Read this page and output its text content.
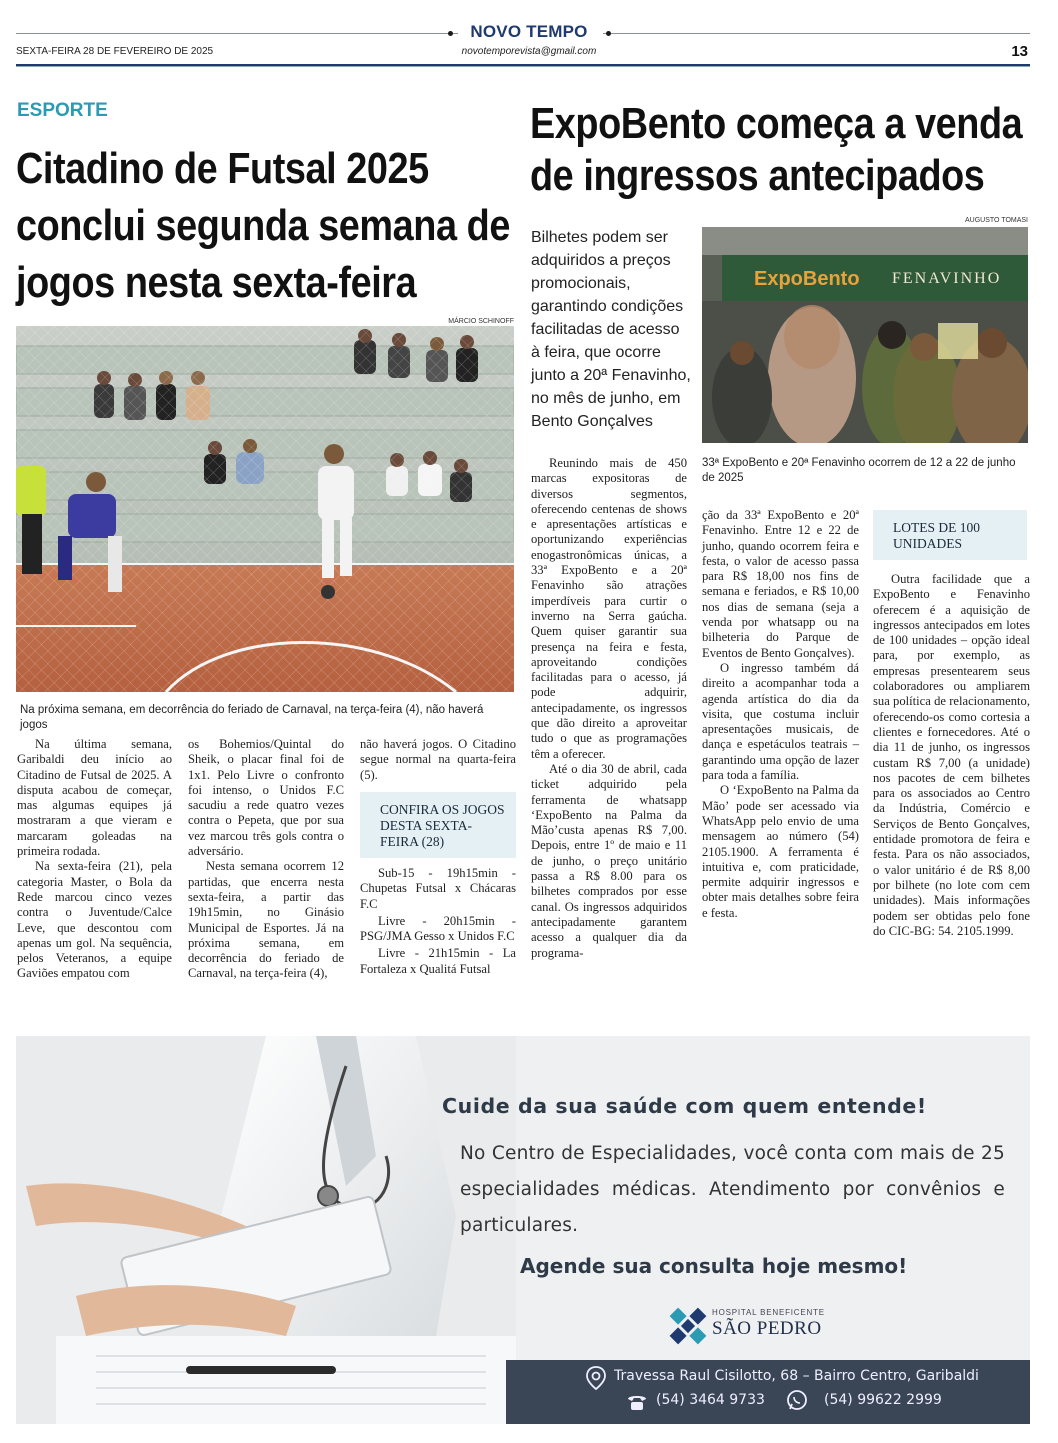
NOVO TEMPO
SEXTA-FEIRA 28 DE FEVEREIRO DE 2025	novotemporevista@gmail.com	13
ESPORTE
Citadino de Futsal 2025 conclui segunda semana de jogos nesta sexta-feira
MÁRCIO SCHINOFF
Na próxima semana, em decorrência do feriado de Carnaval, na terça-feira (4), não haverá jogos

Na última semana, Garibaldi deu início ao Citadino de Futsal de 2025. A disputa acabou de começar, mas algumas equipes já mostraram a que vieram e marcaram goleadas na primeira rodada.

Na sexta-feira (21), pela categoria Master, o Bola da Rede marcou cinco vezes contra o Juventude/Calce Leve, que descontou com apenas um gol. Na sequência, pelos Veteranos, a equipe Gaviões empatou com

os Bohemios/Quintal do Sheik, o placar final foi de 1x1. Pelo Livre o confronto foi intenso, o Unidos F.C sacudiu a rede quatro vezes contra o Pepeta, que por sua vez marcou três gols contra o adversário.

Nesta semana ocorrem 12 partidas, que encerra nesta sexta-feira, a partir das 19h15min, no Ginásio Municipal de Esportes. Já na próxima semana, em decorrência do feriado de Carnaval, na terça-feira (4),

não haverá jogos. O Citadino segue normal na quarta-feira (5).

CONFIRA OS JOGOS DESTA SEXTA-FEIRA (28)

Sub-15 - 19h15min - Chupetas Futsal x Chácaras F.C

Livre - 20h15min - PSG/JMA Gesso x Unidos F.C

Livre - 21h15min - La Fortaleza x Qualitá Futsal

ExpoBento começa a venda de ingressos antecipados
Bilhetes podem ser adquiridos a preços promocionais, garantindo condições facilitadas de acesso à feira, que ocorre junto a 20ª Fenavinho, no mês de junho, em Bento Gonçalves
AUGUSTO TOMASI
ExpoBento FENAVINHO
33ª ExpoBento e 20ª Fenavinho ocorrem de 12 a 22 de junho de 2025

Reunindo mais de 450 marcas expositoras de diversos segmentos, oferecendo centenas de shows e apresentações artísticas e oportunizando experiências enogastronômicas únicas, a 33ª ExpoBento e a 20ª Fenavinho são atrações imperdíveis para curtir o inverno na Serra gaúcha. Quem quiser garantir sua presença na feira e festa, aproveitando condições facilitadas para o acesso, já pode adquirir, antecipadamente, os ingressos que dão direito a aproveitar tudo o que as programações têm a oferecer.

Até o dia 30 de abril, cada ticket adquirido pela ferramenta de whatsapp ‘ExpoBento na Palma da Mão’custa apenas R$ 7,00. Depois, entre 1º de maio e 11 de junho, o preço unitário passa a R$ 8.00 para os bilhetes comprados por esse canal. Os ingressos adquiridos antecipadamente garantem acesso a qualquer dia da programa-

ção da 33ª ExpoBento e 20ª Fenavinho. Entre 12 e 22 de junho, quando ocorrem feira e festa, o valor de acesso passa para R$ 18,00 nos fins de semana e feriados, e R$ 10,00 nos dias de semana (seja a venda por whatsapp ou na bilheteria do Parque de Eventos de Bento Gonçalves).

O ingresso também dá direito a acompanhar toda a agenda artística do dia da visita, que costuma incluir apresentações musicais, de dança e espetáculos teatrais – garantindo uma opção de lazer para toda a família.

O ‘ExpoBento na Palma da Mão’ pode ser acessado via WhatsApp pelo envio de uma mensagem ao número (54) 2105.1900. A ferramenta é intuitiva e, com praticidade, permite adquirir ingressos e obter mais detalhes sobre feira e festa.

LOTES DE 100 UNIDADES

Outra facilidade que a ExpoBento e Fenavinho oferecem é a aquisição de ingressos antecipados em lotes de 100 unidades – opção ideal para, por exemplo, as empresas presentearem seus colaboradores ou ampliarem sua política de relacionamento, oferecendo-os como cortesia a clientes e fornecedores. Até o dia 11 de junho, os ingressos custam R$ 7,00 (a unidade) nos pacotes de cem bilhetes para os associados ao Centro da Indústria, Comércio e Serviços de Bento Gonçalves, entidade promotora de feira e festa. Para os não associados, o valor unitário é de R$ 8,00 por bilhete (no lote com cem unidades). Mais informações podem ser obtidas pelo fone do CIC-BG: 54. 2105.1999.

Cuide da sua saúde com quem entende!
No Centro de Especialidades, você conta com mais de 25 especialidades médicas. Atendimento por convênios e particulares.
Agende sua consulta hoje mesmo!
HOSPITAL BENEFICENTE
SÃO PEDRO
Travessa Raul Cisilotto, 68 – Bairro Centro, Garibaldi
(54) 3464 9733	(54) 99622 2999
